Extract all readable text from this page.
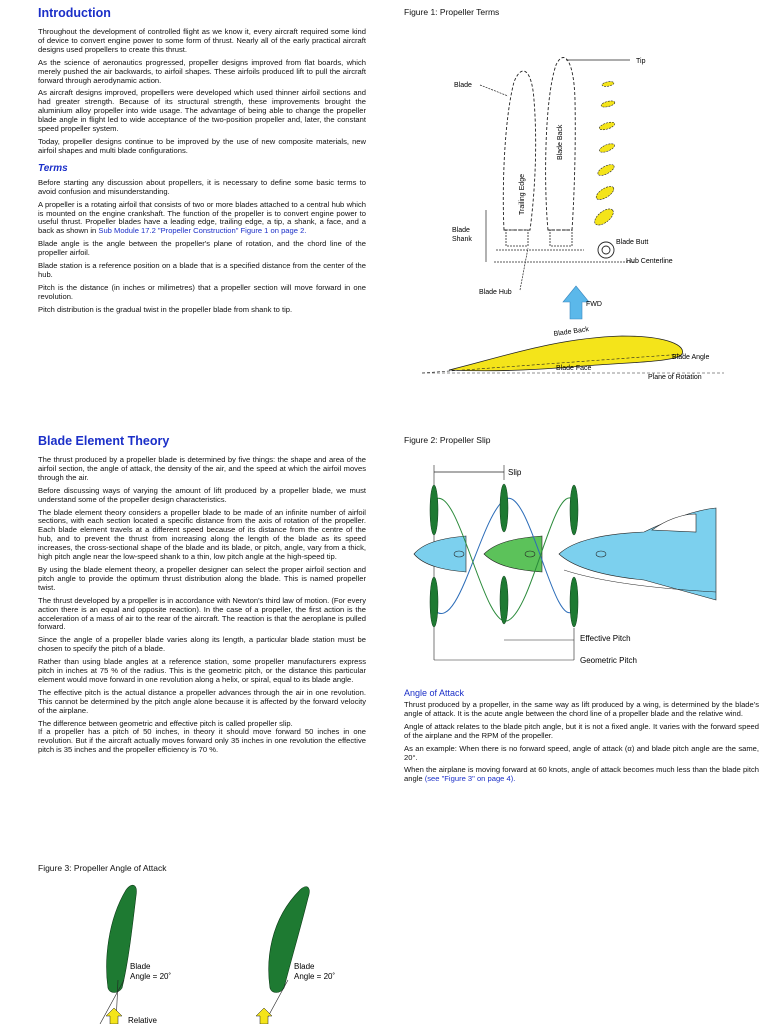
Introduction

Throughout the development of controlled flight as we know it, every aircraft required some kind of device to convert engine power to some form of thrust. Nearly all of the early practical aircraft designs used propellers to create this thrust.

As the science of aeronautics progressed, propeller designs improved from flat boards, which merely pushed the air backwards, to airfoil shapes. These airfoils produced lift to pull the aircraft forward through aerodynamic action.

As aircraft designs improved, propellers were developed which used thinner airfoil sections and had greater strength. Because of its structural strength, these improvements brought the aluminium alloy propeller into wide usage. The advantage of being able to change the propeller blade angle in flight led to wide acceptance of the two-position propeller and, later, the constant speed propeller system.

Today, propeller designs continue to be improved by the use of new composite materials, new airfoil shapes and multi blade configurations.

Terms

Before starting any discussion about propellers, it is necessary to define some basic terms to avoid confusion and misunderstanding.

A propeller is a rotating airfoil that consists of two or more blades attached to a central hub which is mounted on the engine crankshaft. The function of the propeller is to convert engine power to useful thrust. Propeller blades have a leading edge, trailing edge, a tip, a shank, a face, and a back as shown in Sub Module 17.2 "Propeller Construction" Figure 1 on page 2.

Blade angle is the angle between the propeller's plane of rotation, and the chord line of the propeller airfoil.

Blade station is a reference position on a blade that is a specified distance from the center of the hub.

Pitch is the distance (in inches or milimetres) that a propeller section will move forward in one revolution.

Pitch distribution is the gradual twist in the propeller blade from shank to tip.

Figure 1: Propeller Terms
Tip
Blade
Blade Back
Trailing Edge
Blade
Shank	Blade Butt
Hub Centerline
Blade Hub
FWD
Blade Back
Blade Angle
Blade Face
Plane of Rotation
Blade Element Theory

The thrust produced by a propeller blade is determined by five things: the shape and area of the airfoil section, the angle of attack, the density of the air, and the speed at which the airfoil moves through the air.

Before discussing ways of varying the amount of lift produced by a propeller blade, we must understand some of the propeller design characteristics.

The blade element theory considers a propeller blade to be made of an infinite number of airfoil sections, with each section located a specific distance from the axis of rotation of the propeller. Each blade element travels at a different speed because of its distance from the centre of the hub, and to prevent the thrust from increasing along the length of the blade as its speed increases, the cross-sectional shape of the blade and its blade, or pitch, angle, vary from a thick, high pitch angle near the low-speed shank to a thin, low pitch angle at the high-speed tip.

By using the blade element theory, a propeller designer can select the proper airfoil section and pitch angle to provide the optimum thrust distribution along the blade. This is named propeller twist.

The thrust developed by a propeller is in accordance with Newton's third law of motion. (For every action there is an equal and opposite reaction). In the case of a propeller, the first action is the acceleration of a mass of air to the rear of the aircraft. The reaction is that the aeroplane is pulled forward.

Since the angle of a propeller blade varies along its length, a particular blade station must be chosen to specify the pitch of a blade.

Rather than using blade angles at a reference station, some propeller manufacturers express pitch in inches at 75 % of the radius. This is the geometric pitch, or the distance this particular element would move forward in one revolution along a helix, or spiral, equal to its blade angle.

The effective pitch is the actual distance a propeller advances through the air in one revolution. This cannot be determined by the pitch angle alone because it is affected by the forward velocity of the airplane.

The difference between geometric and effective pitch is called propeller slip.

If a propeller has a pitch of 50 inches, in theory it should move forward 50 inches in one revolution. But if the aircraft actually moves forward only 35 inches in one revolution the effective pitch is 35 inches and the propeller efficiency is 70 %.

Figure 2: Propeller Slip
Slip
Effective Pitch
Geometric Pitch
Angle of Attack

Thrust produced by a propeller, in the same way as lift produced by a wing, is determined by the blade's angle of attack. It is the acute angle between the chord line of a propeller blade and the relative wind.

Angle of attack relates to the blade pitch angle, but it is not a fixed angle. It varies with the forward speed of the airplane and the RPM of the propeller.

As an example: When there is no forward speed, angle of attack (α) and blade pitch angle are the same, 20°.

When the airplane is moving forward at 60 knots, angle of attack becomes much less than the blade pitch angle (see "Figure 3" on page 4).

Figure 3: Propeller Angle of Attack
Blade
Angle = 20˚
Relative
Blade
Angle = 20˚
